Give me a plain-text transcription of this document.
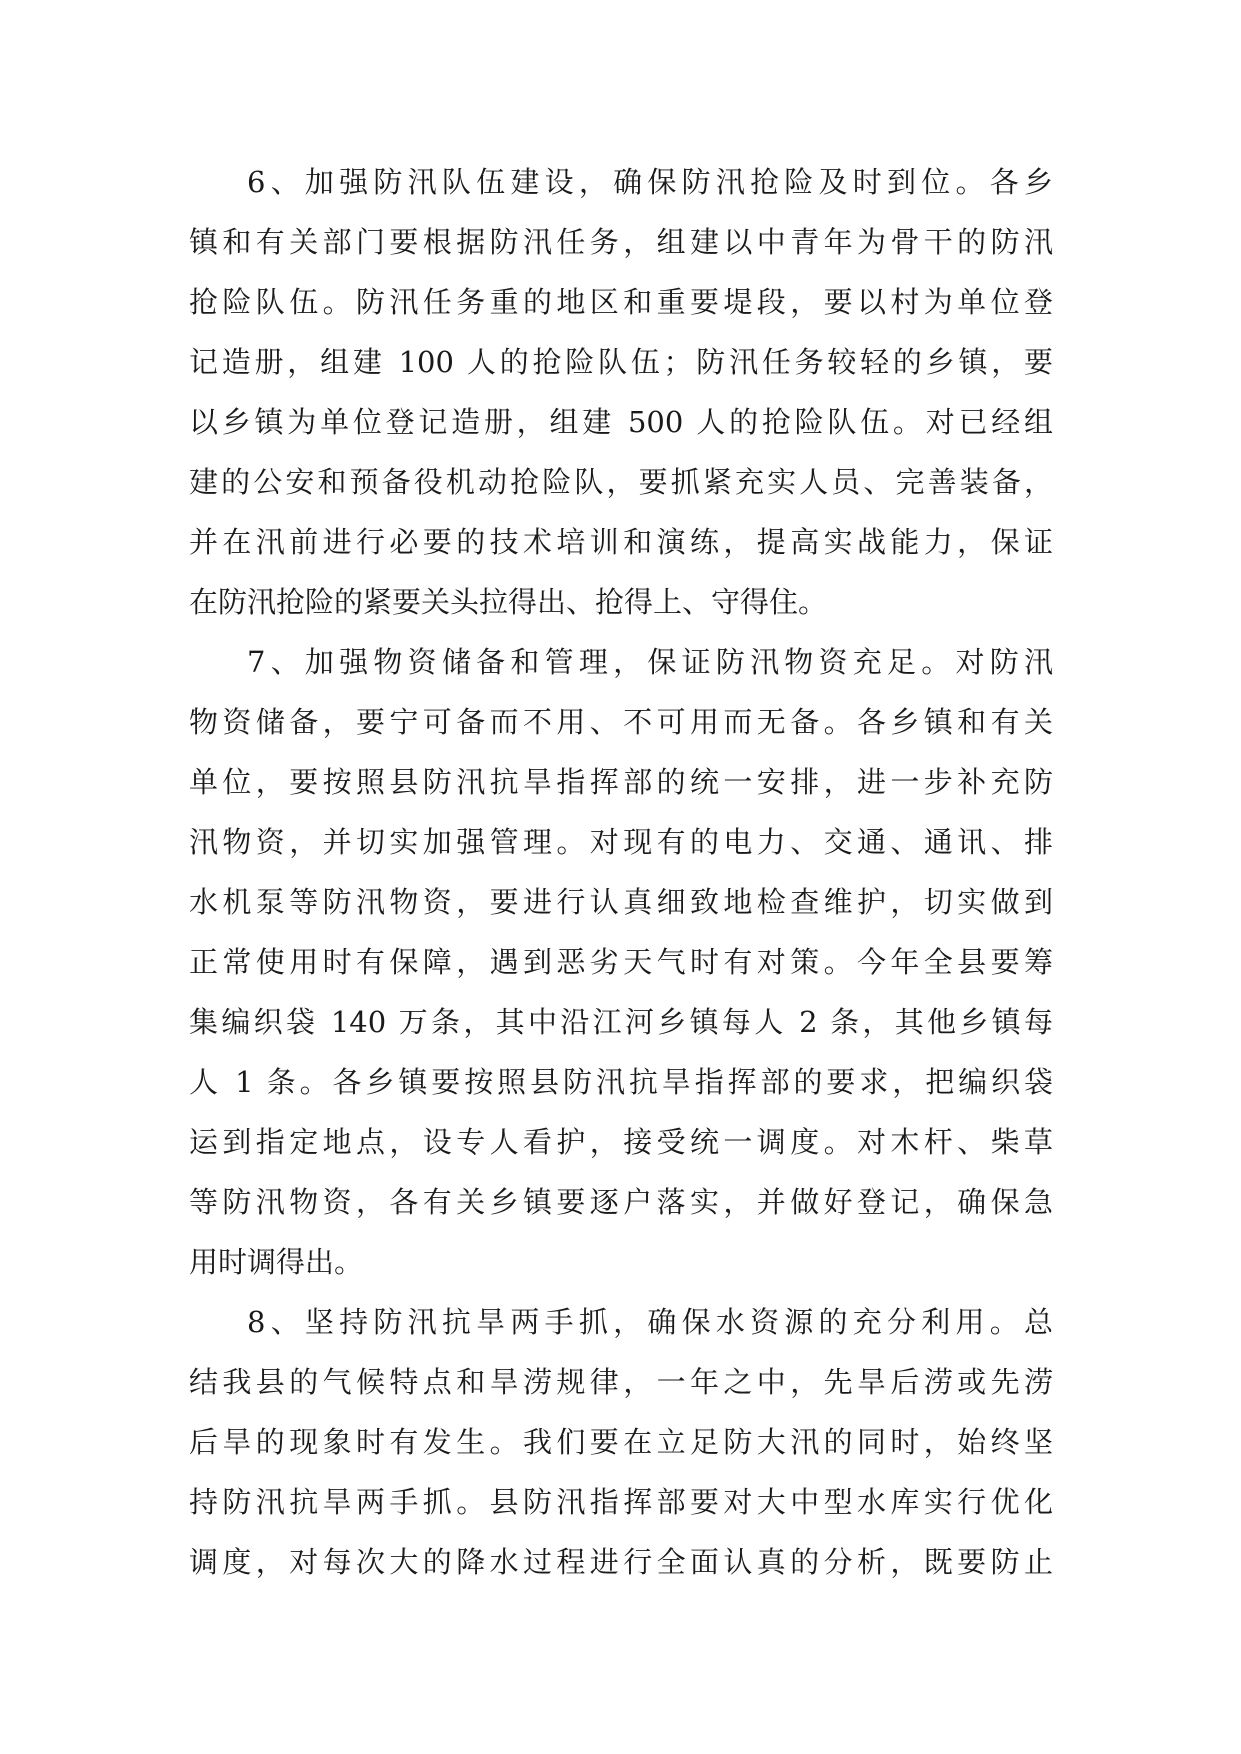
6、加强防汛队伍建设，确保防汛抢险及时到位。各乡
镇和有关部门要根据防汛任务，组建以中青年为骨干的防汛
抢险队伍。防汛任务重的地区和重要堤段，要以村为单位登
记造册，组建 100 人的抢险队伍；防汛任务较轻的乡镇，要
以乡镇为单位登记造册，组建 500 人的抢险队伍。对已经组
建的公安和预备役机动抢险队，要抓紧充实人员、完善装备，
并在汛前进行必要的技术培训和演练，提高实战能力，保证
在防汛抢险的紧要关头拉得出、抢得上、守得住。
7、加强物资储备和管理，保证防汛物资充足。对防汛
物资储备，要宁可备而不用、不可用而无备。各乡镇和有关
单位，要按照县防汛抗旱指挥部的统一安排，进一步补充防
汛物资，并切实加强管理。对现有的电力、交通、通讯、排
水机泵等防汛物资，要进行认真细致地检查维护，切实做到
正常使用时有保障，遇到恶劣天气时有对策。今年全县要筹
集编织袋 140 万条，其中沿江河乡镇每人 2 条，其他乡镇每
人 1 条。各乡镇要按照县防汛抗旱指挥部的要求，把编织袋
运到指定地点，设专人看护，接受统一调度。对木杆、柴草
等防汛物资，各有关乡镇要逐户落实，并做好登记，确保急
用时调得出。
8、坚持防汛抗旱两手抓，确保水资源的充分利用。总
结我县的气候特点和旱涝规律，一年之中，先旱后涝或先涝
后旱的现象时有发生。我们要在立足防大汛的同时，始终坚
持防汛抗旱两手抓。县防汛指挥部要对大中型水库实行优化
调度，对每次大的降水过程进行全面认真的分析，既要防止
